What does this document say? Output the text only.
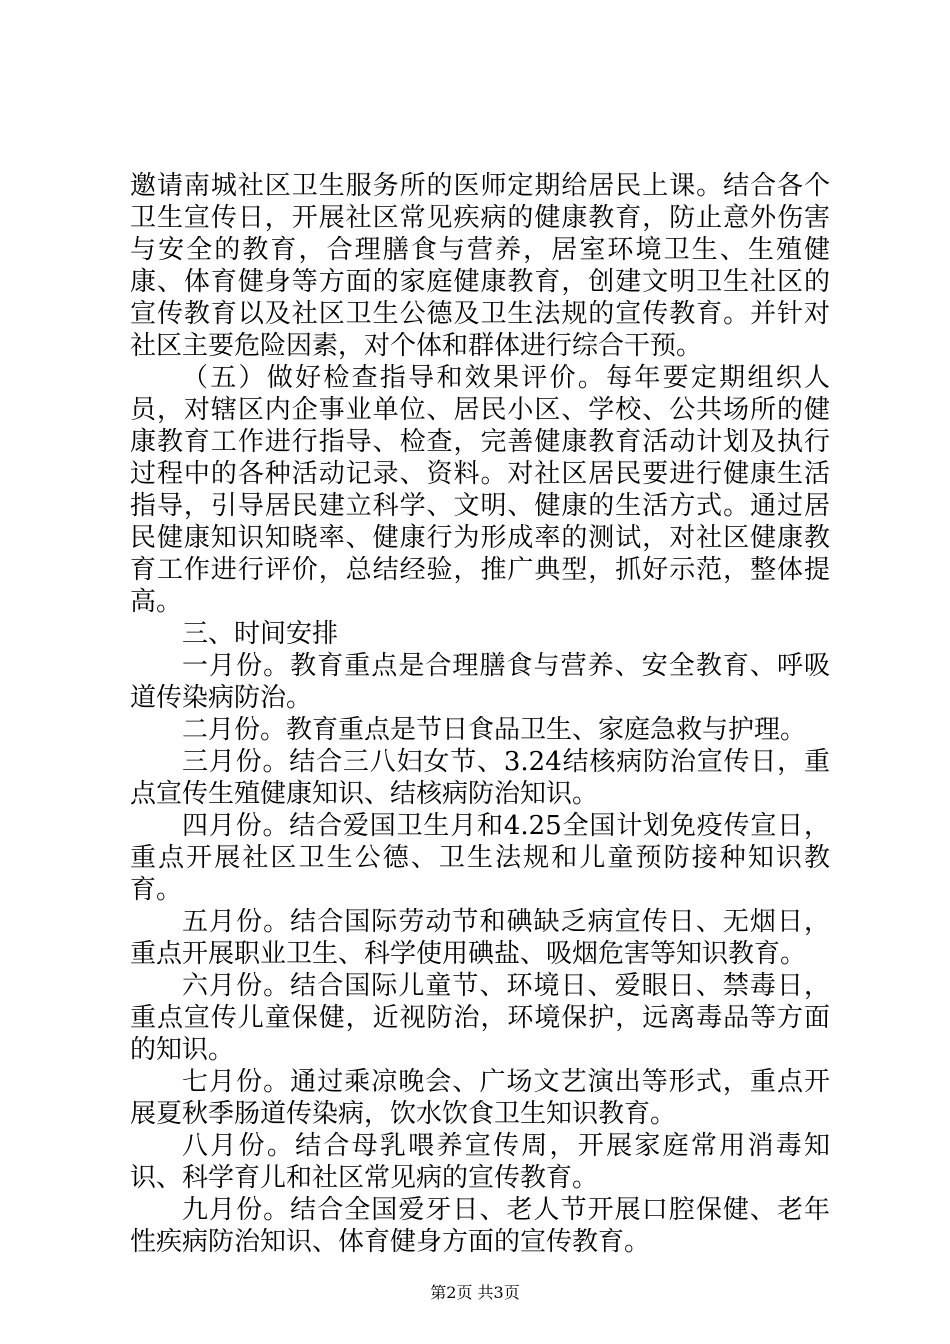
邀请南城社区卫生服务所的医师定期给居民上课。结合各个卫生宣传日，开展社区常见疾病的健康教育，防止意外伤害与安全的教育，合理膳食与营养，居室环境卫生、生殖健康、体育健身等方面的家庭健康教育，创建文明卫生社区的宣传教育以及社区卫生公德及卫生法规的宣传教育。并针对社区主要危险因素，对个体和群体进行综合干预。

（五）做好检查指导和效果评价。每年要定期组织人员，对辖区内企事业单位、居民小区、学校、公共场所的健康教育工作进行指导、检查，完善健康教育活动计划及执行过程中的各种活动记录、资料。对社区居民要进行健康生活指导，引导居民建立科学、文明、健康的生活方式。通过居民健康知识知晓率、健康行为形成率的测试，对社区健康教育工作进行评价，总结经验，推广典型，抓好示范，整体提高。

三、时间安排

一月份。教育重点是合理膳食与营养、安全教育、呼吸道传染病防治。

二月份。教育重点是节日食品卫生、家庭急救与护理。

三月份。结合三八妇女节、3.24结核病防治宣传日，重点宣传生殖健康知识、结核病防治知识。

四月份。结合爱国卫生月和4.25全国计划免疫传宣日，重点开展社区卫生公德、卫生法规和儿童预防接种知识教育。

五月份。结合国际劳动节和碘缺乏病宣传日、无烟日，重点开展职业卫生、科学使用碘盐、吸烟危害等知识教育。

六月份。结合国际儿童节、环境日、爱眼日、禁毒日，重点宣传儿童保健，近视防治，环境保护，远离毒品等方面的知识。

七月份。通过乘凉晚会、广场文艺演出等形式，重点开展夏秋季肠道传染病，饮水饮食卫生知识教育。

八月份。结合母乳喂养宣传周，开展家庭常用消毒知识、科学育儿和社区常见病的宣传教育。

九月份。结合全国爱牙日、老人节开展口腔保健、老年性疾病防治知识、体育健身方面的宣传教育。

第2页 共3页
